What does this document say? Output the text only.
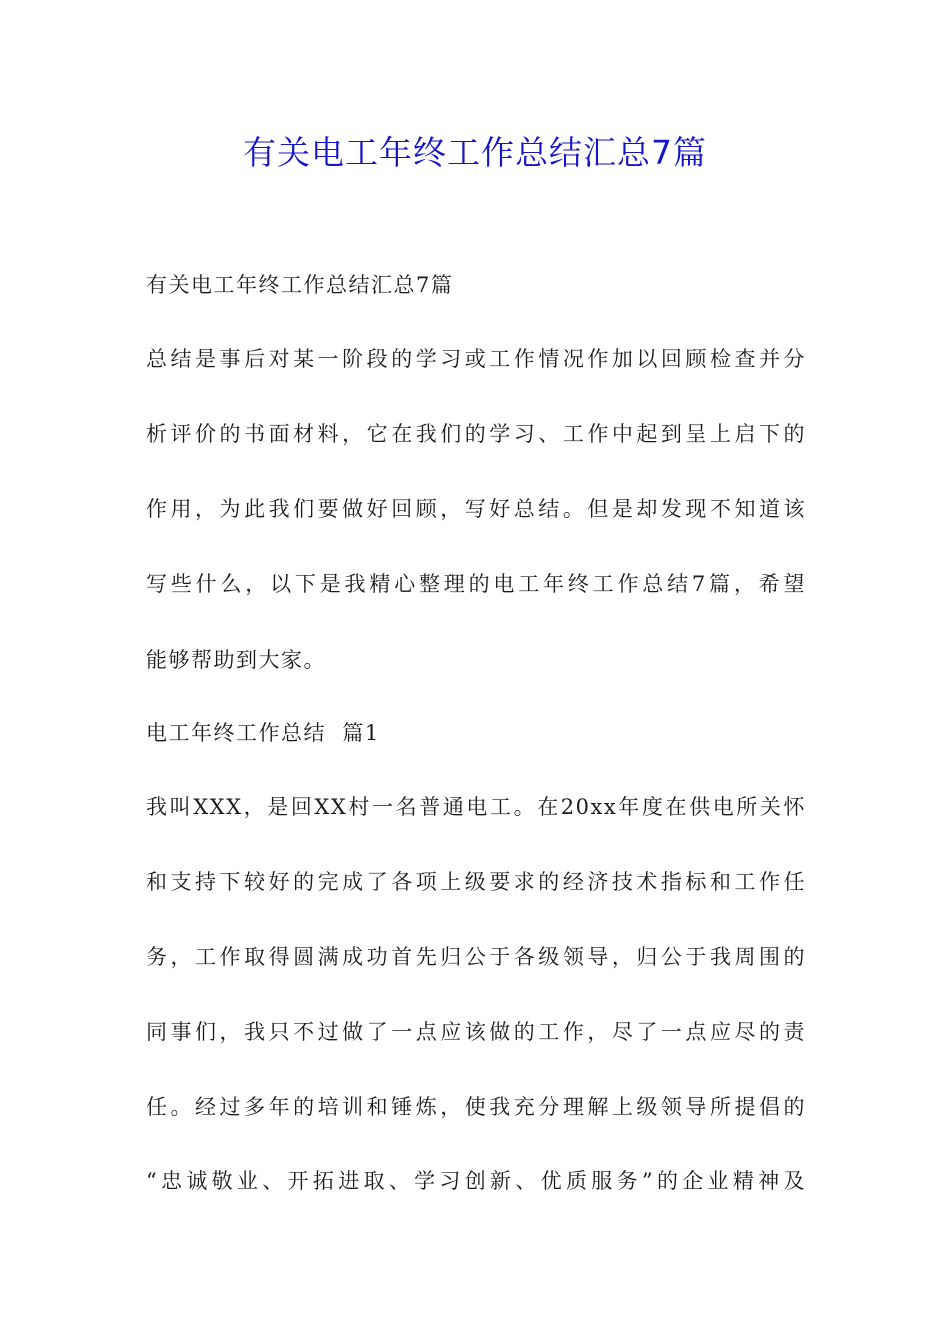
有关电工年终工作总结汇总7篇
有关电工年终工作总结汇总7篇
总结是事后对某一阶段的学习或工作情况作加以回顾检查并分
析评价的书面材料，它在我们的学习、工作中起到呈上启下的
作用，为此我们要做好回顾，写好总结。但是却发现不知道该
写些什么，以下是我精心整理的电工年终工作总结7篇，希望
能够帮助到大家。
电工年终工作总结  篇1
我叫XXX，是回XX村一名普通电工。在20xx年度在供电所关怀
和支持下较好的完成了各项上级要求的经济技术指标和工作任
务，工作取得圆满成功首先归公于各级领导，归公于我周围的
同事们，我只不过做了一点应该做的工作，尽了一点应尽的责
任。经过多年的培训和锤炼，使我充分理解上级领导所提倡的
“忠诚敬业、开拓进取、学习创新、优质服务”的企业精神及
